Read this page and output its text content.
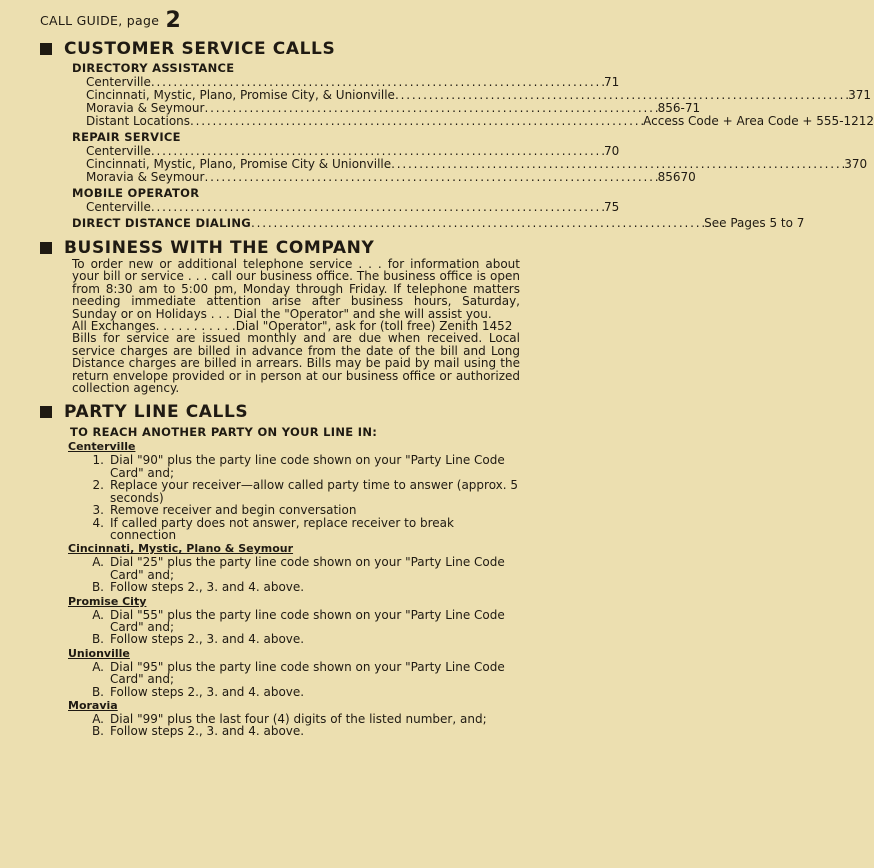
CALL GUIDE, page 2
CUSTOMER SERVICE CALLS
DIRECTORY ASSISTANCE
Centerville . . .	71
Cincinnati, Mystic, Plano, Promise City, & Unionville . . .	371
Moravia & Seymour . . .	856-71
Distant Locations . . .	Access Code + Area Code + 555-1212
REPAIR SERVICE
Centerville . . .	70
Cincinnati, Mystic, Plano, Promise City & Unionville . . .	370
Moravia & Seymour . . .	85670
MOBILE OPERATOR
Centerville . . .	75
DIRECT DISTANCE DIALING . . .	See Pages 5 to 7
BUSINESS WITH THE COMPANY

To order new or additional telephone service . . . for information about your bill or service . . . call our business office. The business office is open from 8:30 am to 5:00 pm, Monday through Friday. If telephone matters needing immediate attention arise after business hours, Saturday, Sunday or on Holidays . . . Dial the "Operator" and she will assist you.

All Exchanges . . . . . . . . . . . Dial "Operator", ask for (toll free) Zenith 1452

Bills for service are issued monthly and are due when received. Local service charges are billed in advance from the date of the bill and Long Distance charges are billed in arrears. Bills may be paid by mail using the return envelope provided or in person at our business office or authorized collection agency.

PARTY LINE CALLS
TO REACH ANOTHER PARTY ON YOUR LINE IN:
Centerville
1. Dial "90" plus the party line code shown on your "Party Line Code Card" and;
2. Replace your receiver—allow called party time to answer (approx. 5 seconds)
3. Remove receiver and begin conversation
4. If called party does not answer, replace receiver to break connection
Cincinnati, Mystic, Plano & Seymour
A. Dial "25" plus the party line code shown on your "Party Line Code Card" and;
B. Follow steps 2., 3. and 4. above.
Promise City
A. Dial "55" plus the party line code shown on your "Party Line Code Card" and;
B. Follow steps 2., 3. and 4. above.
Unionville
A. Dial "95" plus the party line code shown on your "Party Line Code Card" and;
B. Follow steps 2., 3. and 4. above.
Moravia
A. Dial "99" plus the last four (4) digits of the listed number, and;
B. Follow steps 2., 3. and 4. above.
